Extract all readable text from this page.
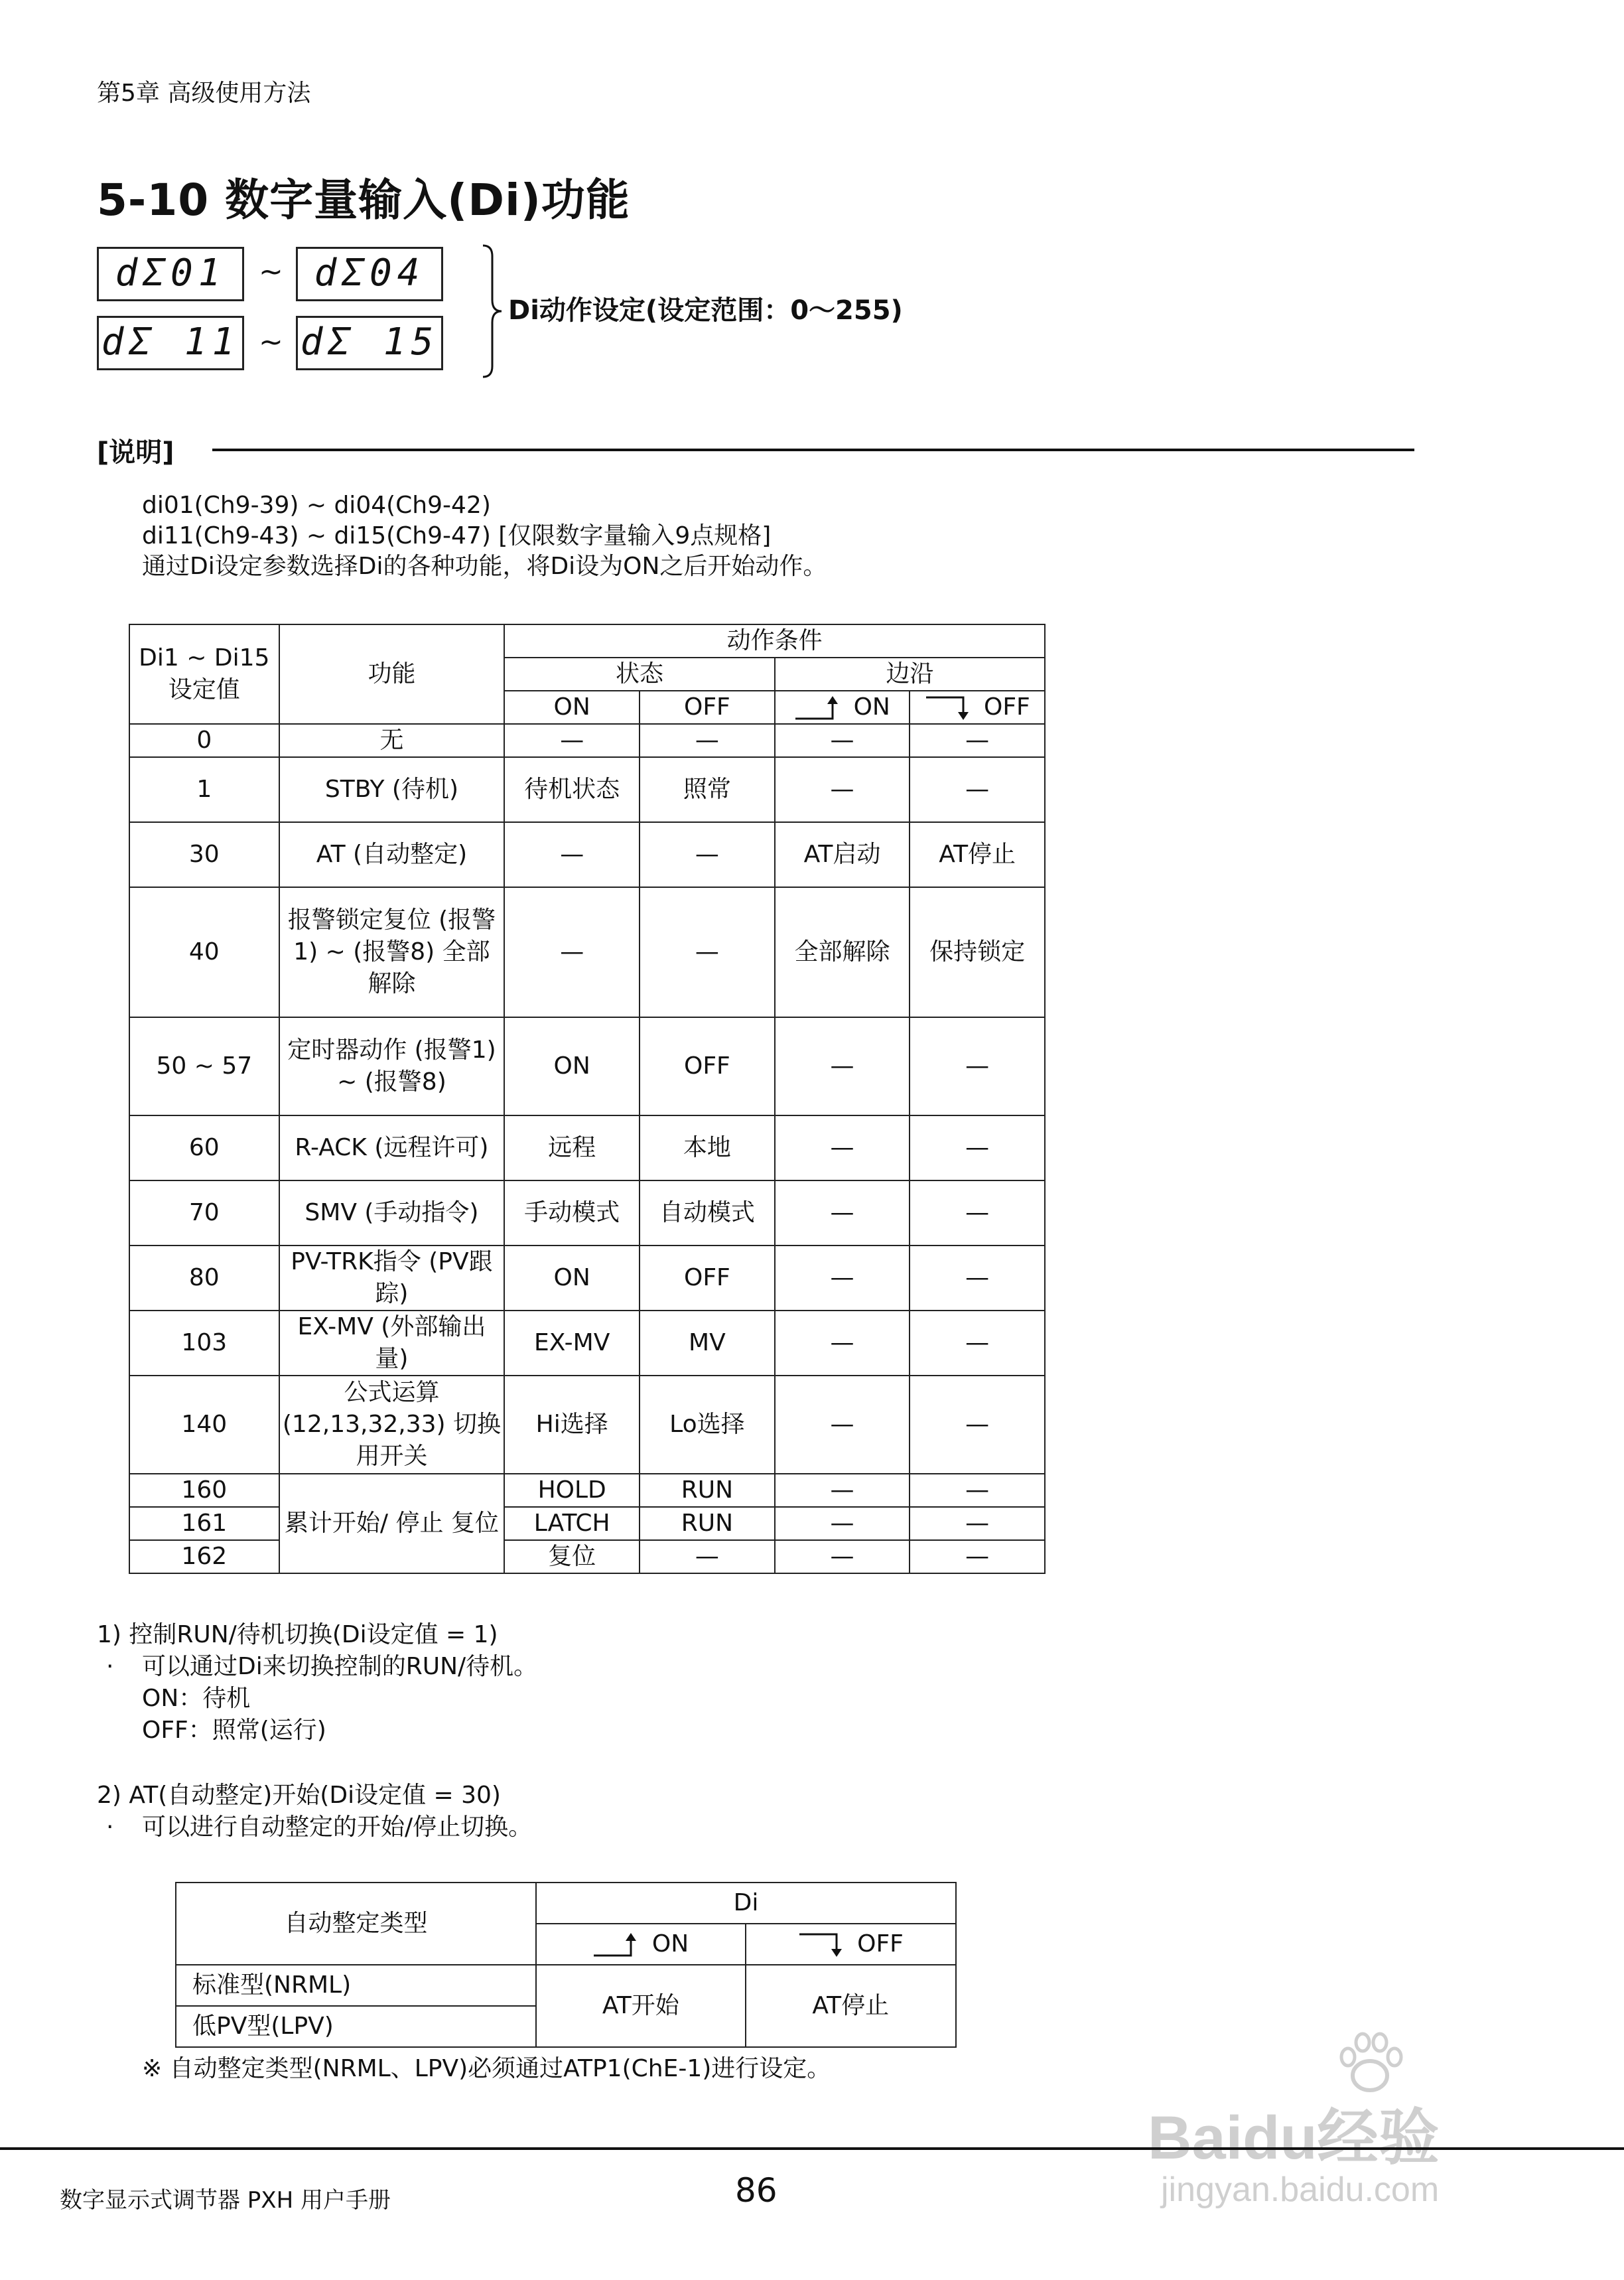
第5章 高级使用方法
5-10 数字量输入(Di)功能
dΣ01	~ dΣ04
dΣ 11 ~ dΣ 15
Di动作设定(设定范围：0～255)
[说明]
di01(Ch9-39) ~ di04(Ch9-42)
di11(Ch9-43) ~ di15(Ch9-47) [仅限数字量输入9点规格]
通过Di设定参数选择Di的各种功能，将Di设为ON之后开始动作。
Di1 ~ Di15 设定值	功能	动作条件			
		状态		边沿	
		ON	OFF	ON	OFF
0	无	—	—	—	—
1	STBY (待机)	待机状态	照常	—	—
30	AT (自动整定)	—	—	AT启动	AT停止
40	报警锁定复位 (报警1) ~ (报警8) 全部解除	—	—	全部解除	保持锁定
50 ~ 57	定时器动作 (报警1) ~ (报警8)	ON	OFF	—	—
60	R-ACK (远程许可)	远程	本地	—	—
70	SMV (手动指令)	手动模式	自动模式	—	—
80	PV-TRK指令 (PV跟踪)	ON	OFF	—	—
103	EX-MV (外部输出量)	EX-MV	MV	—	—
140	公式运算 (12,13,32,33) 切换用开关	Hi选择	Lo选择	—	—
160	累计开始/ 停止 复位	HOLD	RUN	—	—
161		LATCH	RUN	—	—
162		复位	—	—	—
1) 控制RUN/待机切换(Di设定值 = 1)
· 可以通过Di来切换控制的RUN/待机。
ON：待机
OFF：照常(运行)
2) AT(自动整定)开始(Di设定值 = 30)
· 可以进行自动整定的开始/停止切换。
自动整定类型	Di	
	ON	OFF
标准型(NRML)	AT开始	AT停止
低PV型(LPV)		
※ 自动整定类型(NRML、LPV)必须通过ATP1(ChE-1)进行设定。
Baidu经验
jingyan.baidu.com
数字显示式调节器 PXH 用户手册	86
